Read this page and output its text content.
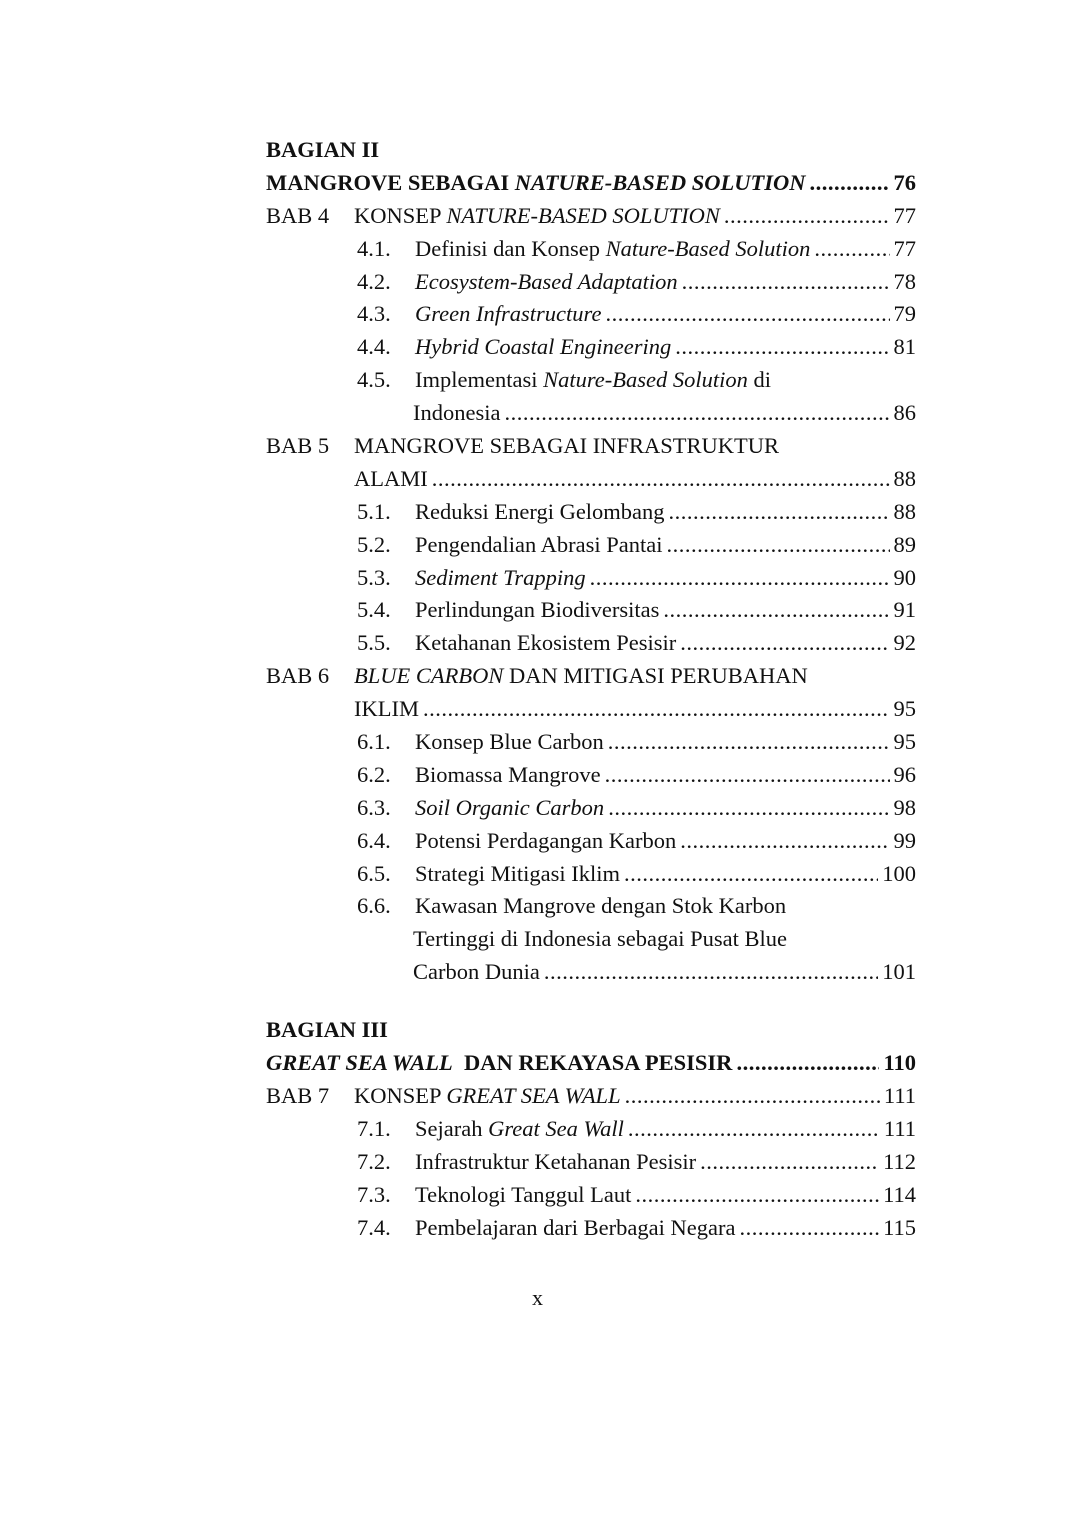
BAGIAN II
MANGROVE SEBAGAI NATURE-BASED SOLUTION .....	76
BAB 4	KONSEP NATURE-BASED SOLUTION .....	77
4.1.	Definisi dan Konsep Nature-Based Solution .....	77
4.2.	Ecosystem-Based Adaptation .....	78
4.3.	Green Infrastructure .....	79
4.4.	Hybrid Coastal Engineering .....	81
4.5.	Implementasi Nature-Based Solution di
Indonesia .....	86
BAB 5	MANGROVE SEBAGAI INFRASTRUKTUR
ALAMI .....	88
5.1.	Reduksi Energi Gelombang .....	88
5.2.	Pengendalian Abrasi Pantai .....	89
5.3.	Sediment Trapping .....	90
5.4.	Perlindungan Biodiversitas .....	91
5.5.	Ketahanan Ekosistem Pesisir .....	92
BAB 6	BLUE CARBON DAN MITIGASI PERUBAHAN
IKLIM .....	95
6.1.	Konsep Blue Carbon .....	95
6.2.	Biomassa Mangrove .....	96
6.3.	Soil Organic Carbon .....	98
6.4.	Potensi Perdagangan Karbon .....	99
6.5.	Strategi Mitigasi Iklim .....	100
6.6.	Kawasan Mangrove dengan Stok Karbon
Tertinggi di Indonesia sebagai Pusat Blue
Carbon Dunia .....	101
BAGIAN III
GREAT SEA WALL  DAN REKAYASA PESISIR .....	110
BAB 7	KONSEP GREAT SEA WALL .....	111
7.1.	Sejarah Great Sea Wall .....	111
7.2.	Infrastruktur Ketahanan Pesisir .....	112
7.3.	Teknologi Tanggul Laut .....	114
7.4.	Pembelajaran dari Berbagai Negara .....	115
x
